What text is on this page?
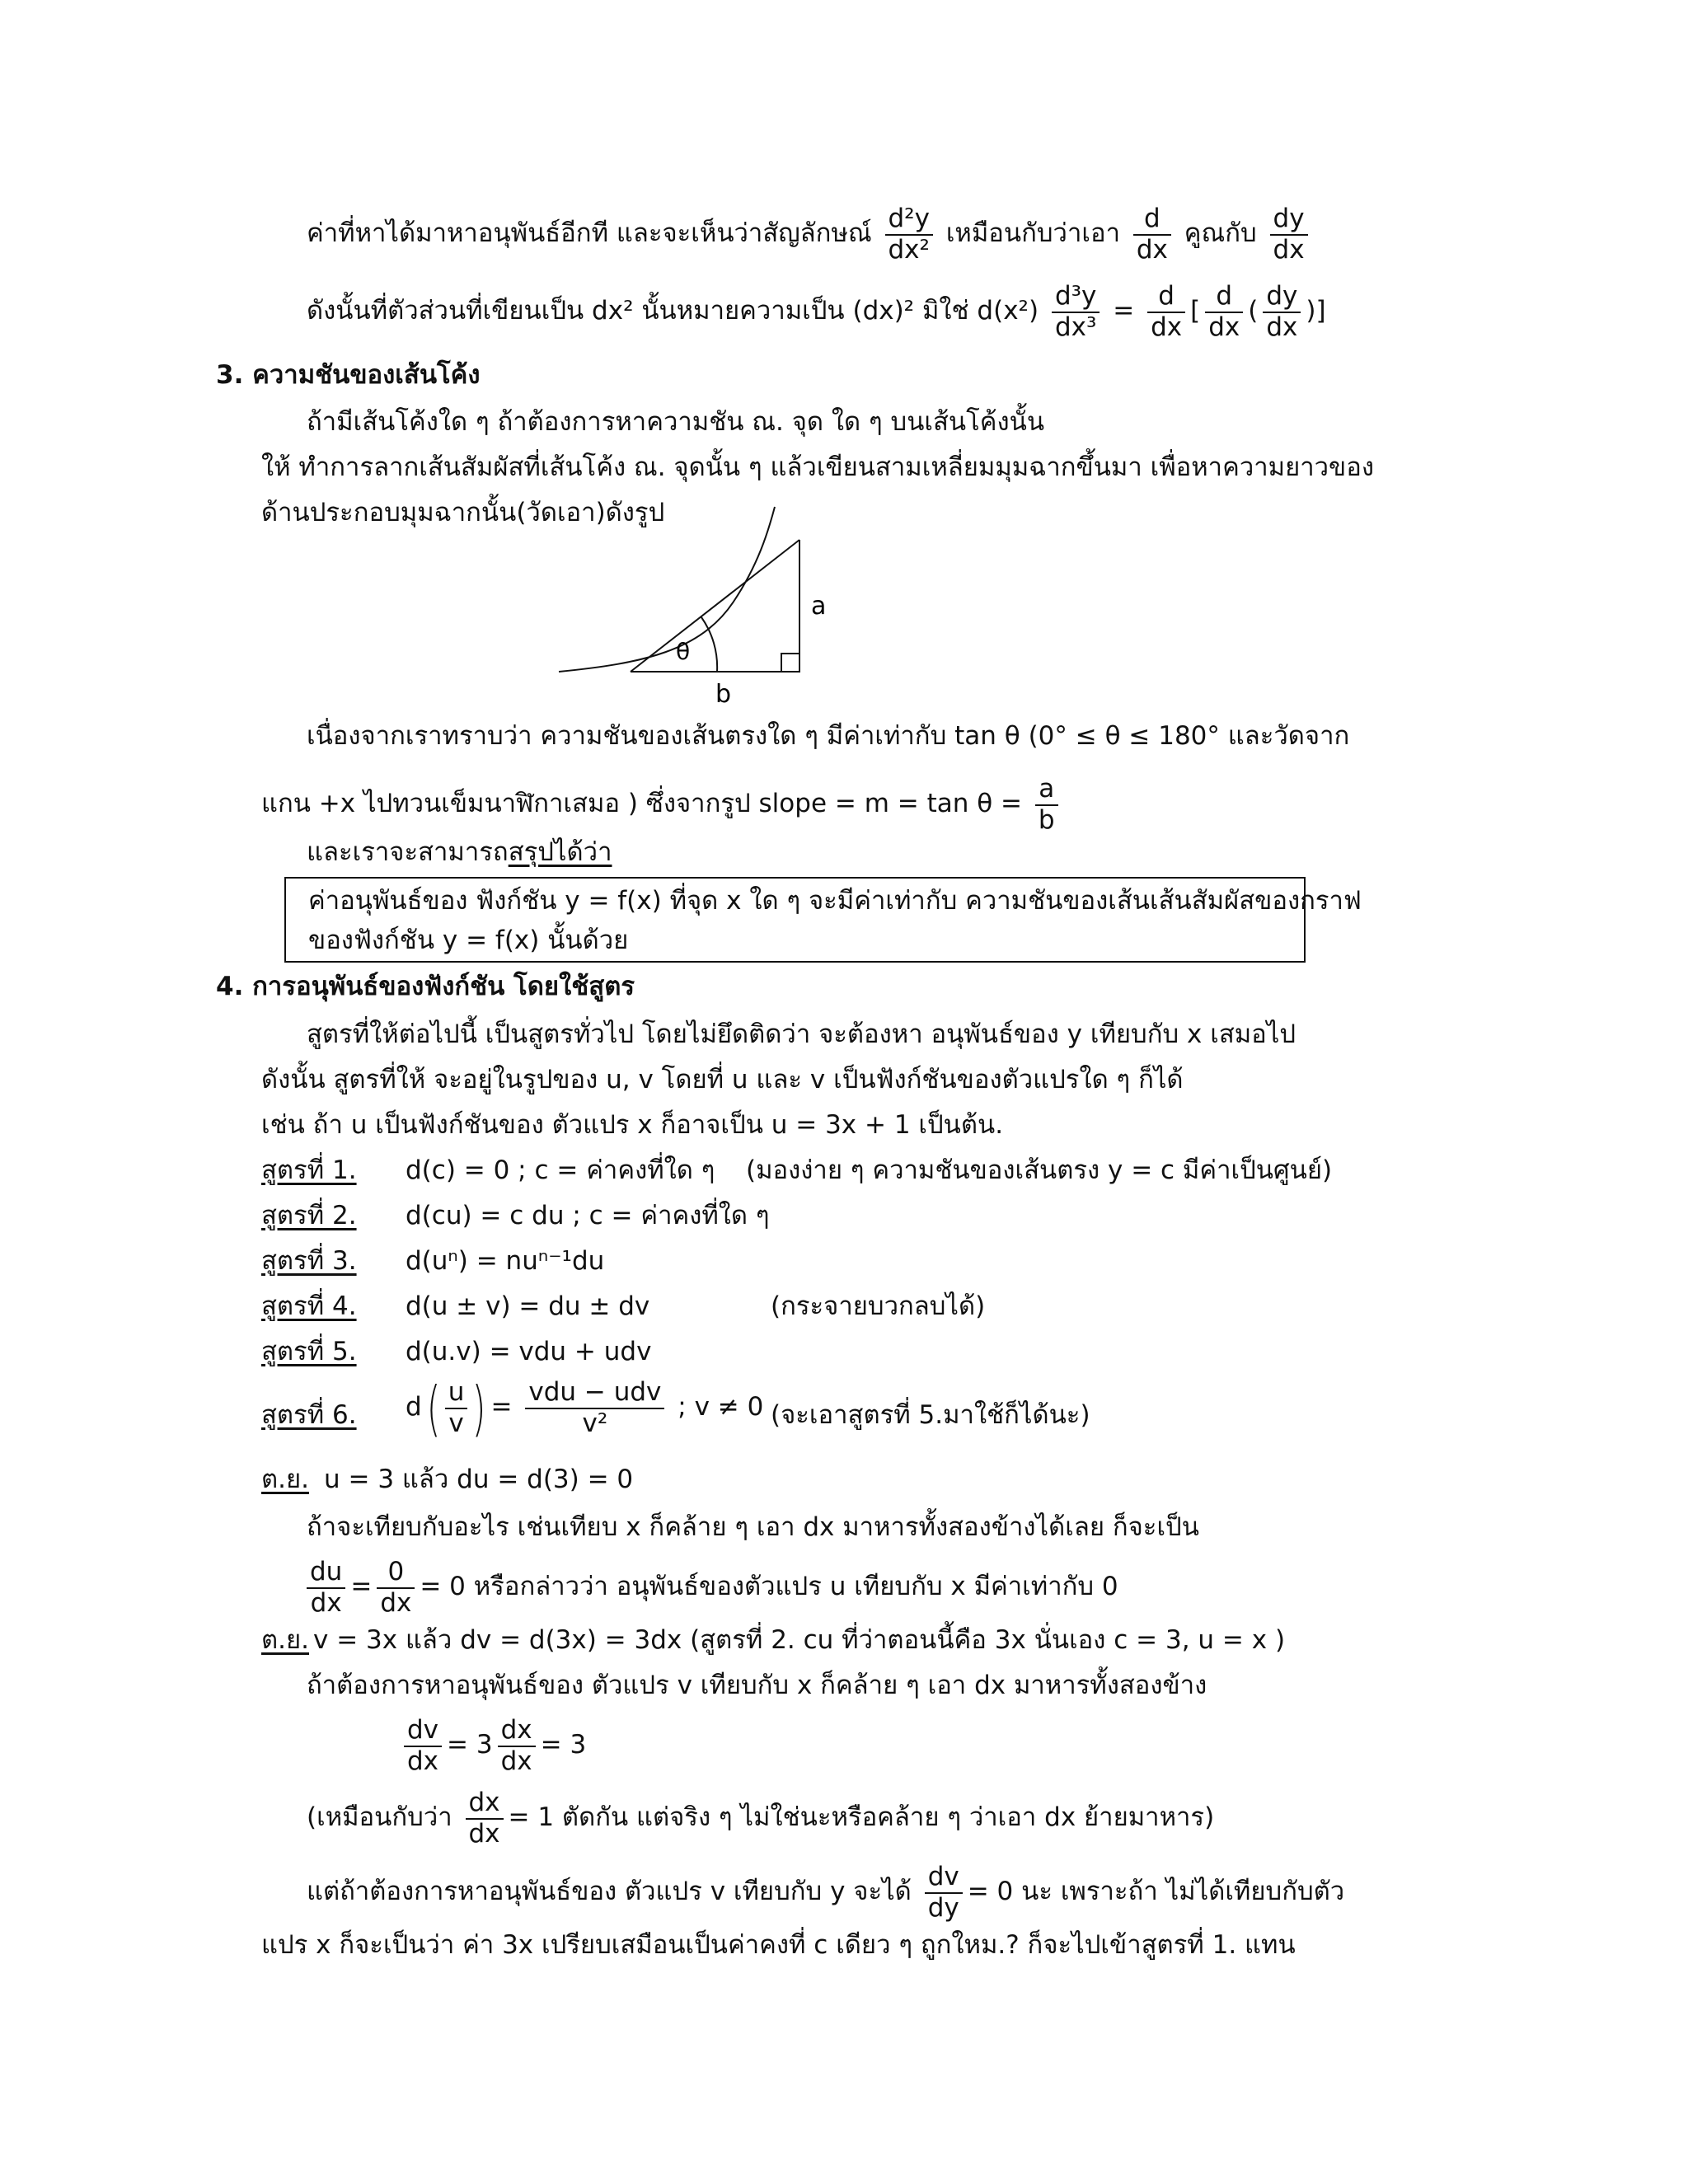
ค่าที่หาได้มาหาอนุพันธ์อีกที และจะเห็นว่าสัญลักษณ์ $\frac{\text{d²y}}{\text{dx²}}$ เหมือนกับว่าเอา $\frac{d}{dx}$ คูณกับ $\frac{dy}{dx}$
ดังนั้นที่ตัวส่วนที่เขียนเป็น dx² นั้นหมายความเป็น (dx)² มิใช่ $d(x^2) \frac{\text{d³y}}{\text{dx³}} = \frac{d}{dx}$ [ $\frac{d}{dx}$ ( $\frac{dy}{dx}$ )]
3. ความชันของเส้นโค้ง
ถ้ามีเส้นโค้งใด ๆ ถ้าต้องการหาความชัน ณ. จุด ใด ๆ บนเส้นโค้งนั้น
ให้ ทำการลากเส้นสัมผัสที่เส้นโค้ง ณ. จุดนั้น ๆ แล้วเขียนสามเหลี่ยมมุมฉากขึ้นมา เพื่อหาความยาวของ
ด้านประกอบมุมฉากนั้น(วัดเอา)ดังรูป
θ
a
b
เนื่องจากเราทราบว่า ความชันของเส้นตรงใด ๆ มีค่าเท่ากับ tan θ (0° ≤ θ ≤ 180° และวัดจาก
แกน +x ไปทวนเข็มนาฬิกาเสมอ ) ซึ่งจากรูป slope = $m = \tan \theta = \frac{a}{b}$
และเราจะสามารถสรุปได้ว่า
ค่าอนุพันธ์ของ ฟังก์ชัน y = f(x) ที่จุด x ใด ๆ จะมีค่าเท่ากับ ความชันของเส้นเส้นสัมผัสของกราฟ
ของฟังก์ชัน y = f(x) นั้นด้วย
4. การอนุพันธ์ของฟังก์ชัน โดยใช้สูตร
สูตรที่ให้ต่อไปนี้ เป็นสูตรทั่วไป โดยไม่ยึดติดว่า จะต้องหา อนุพันธ์ของ y เทียบกับ x เสมอไป
ดังนั้น สูตรที่ให้ จะอยู่ในรูปของ u, v โดยที่ u และ v เป็นฟังก์ชันของตัวแปรใด ๆ ก็ได้
เช่น ถ้า u เป็นฟังก์ชันของ ตัวแปร x ก็อาจเป็น u = 3x + 1 เป็นต้น.
สูตรที่ 1. d(c) = 0 ; c = ค่าคงที่ใด ๆ (มองง่าย ๆ ความชันของเส้นตรง y = c มีค่าเป็นศูนย์)
สูตรที่ 2. d(cu) = c du ; c = ค่าคงที่ใด ๆ
สูตรที่ 3. d(uⁿ) = nuⁿ⁻¹du
สูตรที่ 4. d(u ± v) = du ± dv	(กระจายบวกลบได้)
สูตรที่ 5. d(u.v) = vdu + udv
สูตรที่ 6. $d( \frac{u}{v}$ ) = $\frac{\text{vdu − udv}}{\text{v²}}$ ; v ≠ 0 (จะเอาสูตรที่ 5.มาใช้ก็ได้นะ)
ต.ย. u = 3 แล้ว du = d(3) = 0
ถ้าจะเทียบกับอะไร เช่นเทียบ x ก็คล้าย ๆ เอา dx มาหารทั้งสองข้างได้เลย ก็จะเป็น
$\frac{du}{dx} = \frac{0}{dx} = 0$ หรือกล่าวว่า อนุพันธ์ของตัวแปร u เทียบกับ x มีค่าเท่ากับ 0
ต.ย. v = 3x แล้ว dv = d(3x) = 3dx (สูตรที่ 2. cu ที่ว่าตอนนี้คือ 3x นั่นเอง c = 3, u = x )
ถ้าต้องการหาอนุพันธ์ของ ตัวแปร v เทียบกับ x ก็คล้าย ๆ เอา dx มาหารทั้งสองข้าง
$\frac{dv}{dx} = 3 \frac{dx}{dx} = 3$
(เหมือนกับว่า $\frac{dx}{dx} = 1$ ตัดกัน แต่จริง ๆ ไม่ใช่นะหรือคล้าย ๆ ว่าเอา dx ย้ายมาหาร)
แต่ถ้าต้องการหาอนุพันธ์ของ ตัวแปร v เทียบกับ y จะได้ $\frac{dv}{dy} = 0$ นะ เพราะถ้า ไม่ได้เทียบกับตัว
แปร x ก็จะเป็นว่า ค่า 3x เปรียบเสมือนเป็นค่าคงที่ c เดียว ๆ ถูกใหม.? ก็จะไปเข้าสูตรที่ 1. แทน
